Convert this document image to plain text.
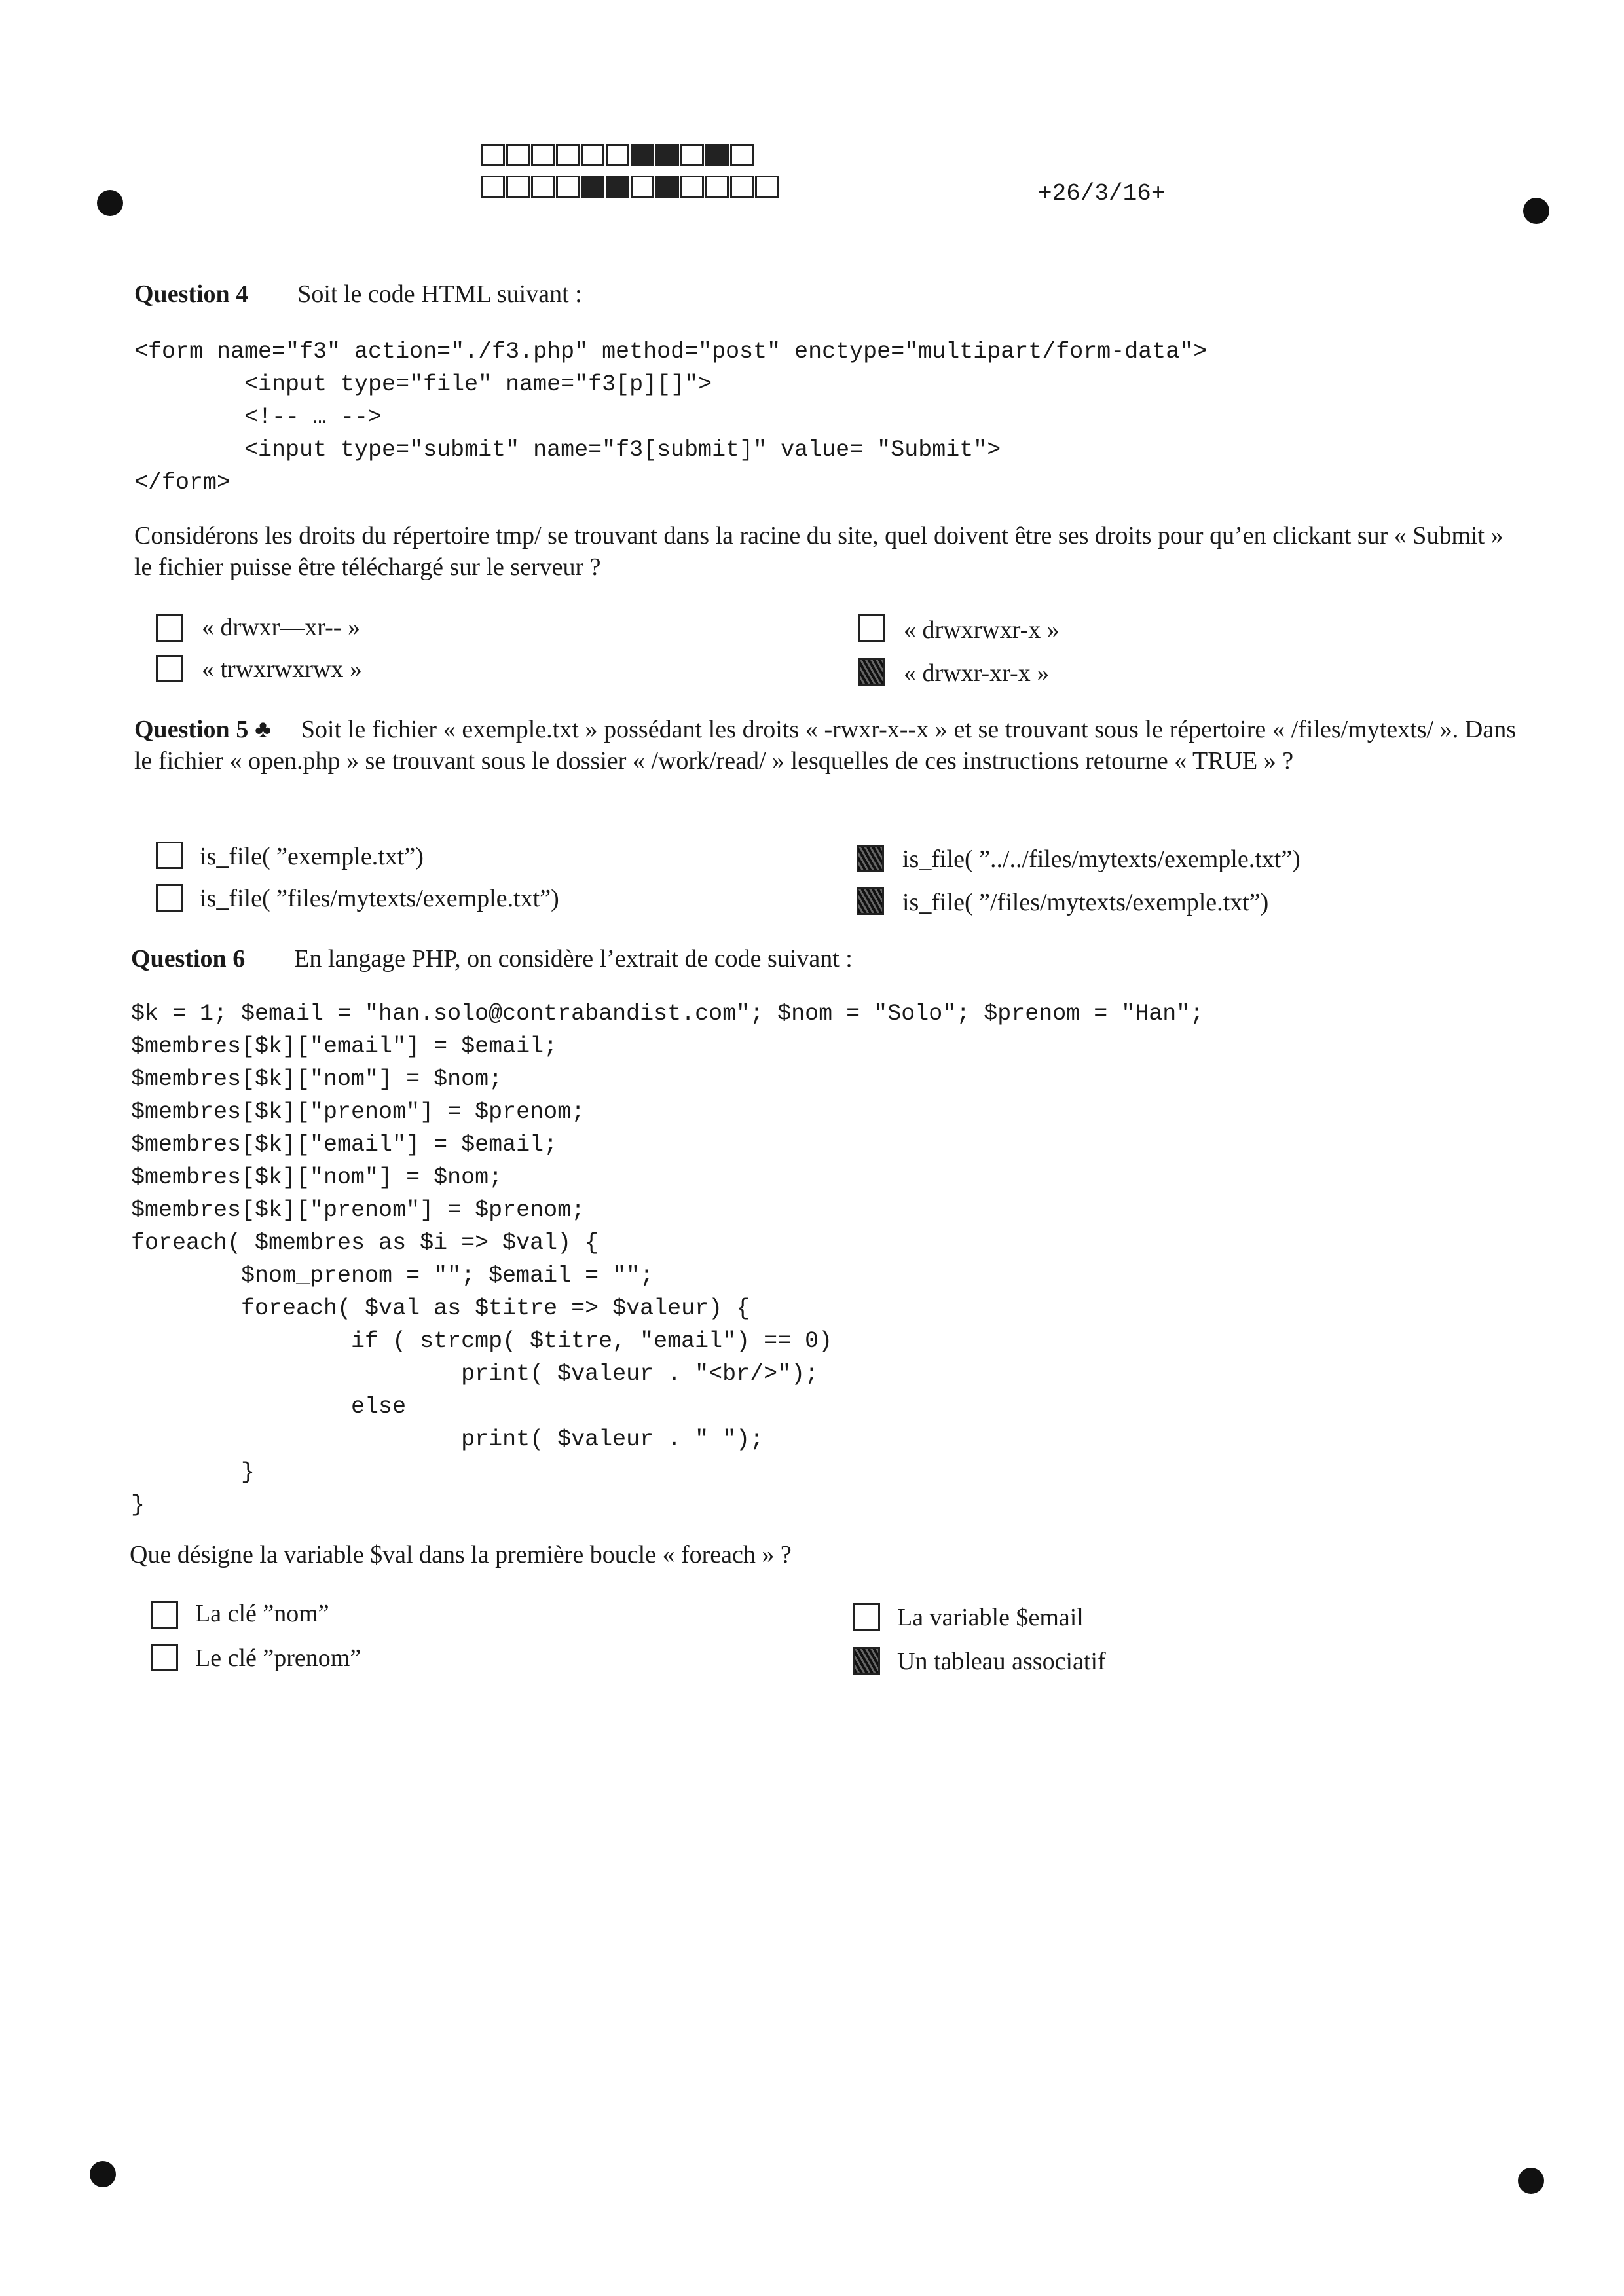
+26/3/16+
Question 4 Soit le code HTML suivant :
<form name="f3" action="./f3.php" method="post" enctype="multipart/form-data">
<input type="file" name="f3[p][]">
<!-- … -->
<input type="submit" name="f3[submit]" value= "Submit">
</form>
Considérons les droits du répertoire tmp/ se trouvant dans la racine du site, quel doivent être ses droits pour qu’en clickant sur « Submit » le fichier puisse être téléchargé sur le serveur ?
« drwxr—xr-- »	« drwxrwxr-x »
« trwxrwxrwx »	« drwxr-xr-x »
Question 5 ♣ Soit le fichier « exemple.txt » possédant les droits « -rwxr-x--x » et se trouvant sous le répertoire « /files/mytexts/ ». Dans le fichier « open.php » se trouvant sous le dossier « /work/read/ » lesquelles de ces instructions retourne « TRUE » ?
is_file( ”exemple.txt”)	is_file( ”../../files/mytexts/exemple.txt”)
is_file( ”files/mytexts/exemple.txt”)	is_file( ”/files/mytexts/exemple.txt”)
Question 6 En langage PHP, on considère l’extrait de code suivant :
$k = 1; $email = "han.solo@contrabandist.com"; $nom = "Solo"; $prenom = "Han";
$membres[$k]["email"] = $email;
$membres[$k]["nom"] = $nom;
$membres[$k]["prenom"] = $prenom;
$membres[$k]["email"] = $email;
$membres[$k]["nom"] = $nom;
$membres[$k]["prenom"] = $prenom;
foreach( $membres as $i => $val) {
$nom_prenom = ""; $email = "";
foreach( $val as $titre => $valeur) {
if ( strcmp( $titre, "email") == 0)
print( $valeur . "<br/>");
else
print( $valeur . " ");
}
}
Que désigne la variable $val dans la première boucle « foreach » ?
La clé ”nom”	La variable $email
Le clé ”prenom”	Un tableau associatif
